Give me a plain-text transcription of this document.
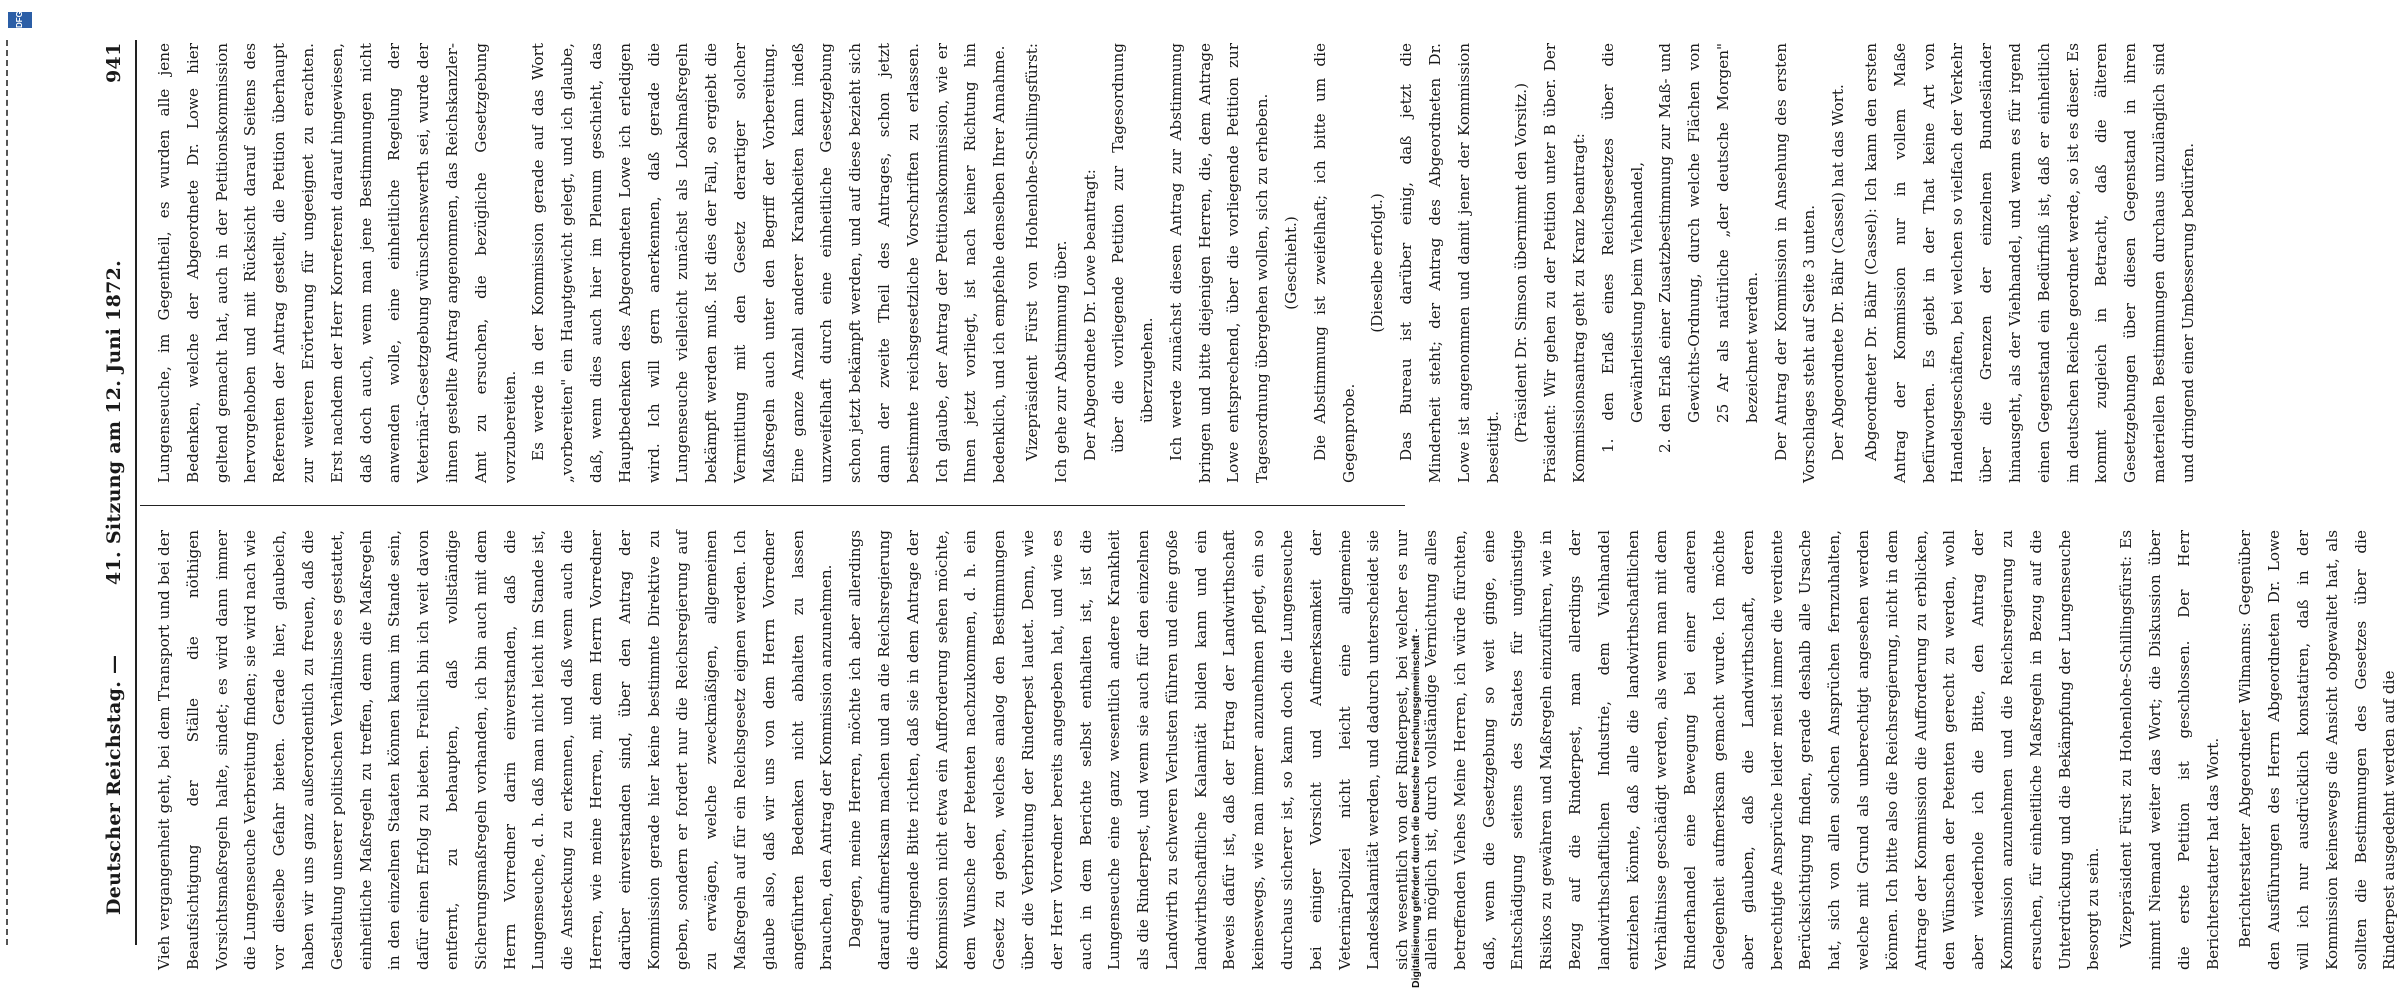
DFG
Deutscher Reichstag. —
41. Sitzung am 12. Juni 1872.
941

Vieh vergangenheit geht, bei dem Transport und bei der Beaufsichtigung der Ställe die nöthigen Vorsichtsmaßregeln halte, sindet; es wird dann immer die Lungenseuche Verbreitung finden; sie wird nach wie vor dieselbe Gefahr bieten. Gerade hier, glaubeich, haben wir uns ganz außerordentlich zu freuen, daß die Gestaltung unserer politischen Verhältnisse es gestattet, einheitliche Maßregeln zu treffen, denn die Maßregeln in den einzelnen Staaten können kaum im Stande sein, dafür einen Erfolg zu bieten. Freilich bin ich weit davon entfernt, zu behaupten, daß vollständige Sicherungsmaßregeln vorhanden, ich bin auch mit dem Herrn Vorredner darin einverstanden, daß die Lungenseuche, d. h. daß man nicht leicht im Stande ist, die Ansteckung zu erkennen, und daß wenn auch die Herren, wie meine Herren, mit dem Herrn Vorredner darüber einverstanden sind, über den Antrag der Kommission gerade hier keine bestimmte Direktive zu geben, sondern er fordert nur die Reichsregierung auf zu erwägen, welche zweckmäßigen, allgemeinen Maßregeln auf für ein Reichsgesetz eignen werden. Ich glaube also, daß wir uns von dem Herrn Vorredner angeführten Bedenken nicht abhalten zu lassen brauchen, den Antrag der Kommission anzunehmen. Dagegen, meine Herren, möchte ich aber allerdings darauf aufmerksam machen und an die Reichsregierung die dringende Bitte richten, daß sie in dem Antrage der Kommission nicht etwa ein Aufforderung sehen möchte, dem Wunsche der Petenten nachzukommen, d. h. ein Gesetz zu geben, welches analog den Bestimmungen über die Verbreitung der Rinderpest lautet. Denn, wie der Herr Vorredner bereits angegeben hat, und wie es auch in dem Berichte selbst enthalten ist, ist die Lungenseuche eine ganz wesentlich andere Krankheit als die Rinderpest, und wenn sie auch für den einzelnen Landwirth zu schweren Verlusten führen und eine große landwirthschaftliche Kalamität bilden kann und ein Beweis dafür ist, daß der Ertrag der Landwirthschaft keineswegs, wie man immer anzunehmen pflegt, ein so durchaus sicherer ist, so kann doch die Lungenseuche bei einiger Vorsicht und Aufmerksamkeit der Veterinärpolizei nicht leicht eine allgemeine Landeskalamität werden, und dadurch unterscheidet sie sich wesentlich von der Rinderpest, bei welcher es nur allein möglich ist, durch vollständige Vernichtung alles betreffenden Viehes Meine Herren, ich würde fürchten, daß, wenn die Gesetzgebung so weit ginge, eine Entschädigung seitens des Staates für ungünstige Risikos zu gewähren und Maßregeln einzuführen, wie in Bezug auf die Rinderpest, man allerdings der landwirthschaftlichen Industrie, dem Viehhandel entziehen könnte, daß alle die landwirthschaftlichen Verhältnisse geschädigt werden, als wenn man mit dem Rinderhandel eine Bewegung bei einer anderen Gelegenheit aufmerksam gemacht wurde. Ich möchte aber glauben, daß die Landwirthschaft, deren berechtigte Ansprüche leider meist immer die verdiente Berücksichtigung finden, gerade deshalb alle Ursache hat, sich von allen solchen Ansprüchen fernzuhalten, welche mit Grund als unberechtigt angesehen werden können. Ich bitte also die Reichsregierung, nicht in dem Antrage der Kommission die Aufforderung zu erblicken, den Wünschen der Petenten gerecht zu werden, wohl aber wiederhole ich die Bitte, den Antrag der Kommission anzunehmen und die Reichsregierung zu ersuchen, für einheitliche Maßregeln in Bezug auf die Unterdrückung und die Bekämpfung der Lungenseuche besorgt zu sein. Vizepräsident Fürst zu Hohenlohe-Schillingsfürst: Es nimmt Niemand weiter das Wort; die Diskussion über die erste Petition ist geschlossen. Der Herr Berichterstatter hat das Wort. Berichterstatter Abgeordneter Wilmanns: Gegenüber den Ausführungen des Herrn Abgeordneten Dr. Lowe will ich nur ausdrücklich konstatiren, daß in der Kommission keineswegs die Ansicht obgewaltet hat, als sollten die Bestimmungen des Gesetzes über die Rinderpest ausgedehnt werden auf die

Lungenseuche, im Gegentheil, es wurden alle jene Bedenken, welche der Abgeordnete Dr. Lowe hier geltend gemacht hat, auch in der Petitionskommission hervorgehoben und mit Rücksicht darauf Seitens des Referenten der Antrag gestellt, die Petition überhaupt zur weiteren Erörterung für ungeeignet zu erachten. Erst nachdem der Herr Korreferent darauf hingewiesen, daß doch auch, wenn man jene Bestimmungen nicht anwenden wolle, eine einheitliche Regelung der Veterinär-Gesetzgebung wünschenswerth sei, wurde der ihnen gestellte Antrag angenommen, das Reichskanzler-Amt zu ersuchen, die bezügliche Gesetzgebung vorzubereiten. Es werde in der Kommission gerade auf das Wort „vorbereiten" ein Hauptgewicht gelegt, und ich glaube, daß, wenn dies auch hier im Plenum geschieht, das Hauptbedenken des Abgeordneten Lowe ich erledigen wird. Ich will gern anerkennen, daß gerade die Lungenseuche vielleicht zunächst als Lokalmaßregeln bekämpft werden muß. Ist dies der Fall, so ergiebt die Vermittlung mit den Gesetz derartiger solcher Maßregeln auch unter den Begriff der Vorbereitung. Eine ganze Anzahl anderer Krankheiten kann indeß unzweifelhaft durch eine einheitliche Gesetzgebung schon jetzt bekämpft werden, und auf diese bezieht sich dann der zweite Theil des Antrages, schon jetzt bestimmte reichsgesetzliche Vorschriften zu erlassen. Ich glaube, der Antrag der Petitionskommission, wie er Ihnen jetzt vorliegt, ist nach keiner Richtung hin bedenklich, und ich empfehle denselben Ihrer Annahme. Vizepräsident Fürst von Hohenlohe-Schillingsfürst: Ich gehe zur Abstimmung über. Der Abgeordnete Dr. Lowe beantragt: über die vorliegende Petition zur Tagesordnung überzugehen. Ich werde zunächst diesen Antrag zur Abstimmung bringen und bitte diejenigen Herren, die, dem Antrage Lowe entsprechend, über die vorliegende Petition zur Tagesordnung übergehen wollen, sich zu erheben. (Geschieht.) Die Abstimmung ist zweifelhaft; ich bitte um die Gegenprobe.

(Dieselbe erfolgt.) Das Bureau ist darüber einig, daß jetzt die Minderheit steht; der Antrag des Abgeordneten Dr. Lowe ist angenommen und damit jener der Kommission beseitigt.

(Präsident Dr. Simson übernimmt den Vorsitz.) Präsident: Wir gehen zu der Petition unter B über. Der Kommissionsantrag geht zu Kranz beantragt: 1. den Erlaß eines Reichsgesetzes über die Gewährleistung beim Viehhandel, 2. den Erlaß einer Zusatzbestimmung zur Maß- und Gewichts-Ordnung, durch welche Flächen von 25 Ar als natürliche „der deutsche Morgen" bezeichnet werden. Der Antrag der Kommission in Ansehung des ersten Vorschlages steht auf Seite 3 unten. Der Abgeordnete Dr. Bähr (Cassel) hat das Wort. Abgeordneter Dr. Bähr (Cassel): Ich kann den ersten Antrag der Kommission nur in vollem Maße befürworten. Es giebt in der That keine Art von Handelsgeschäften, bei welchen so vielfach der Verkehr über die Grenzen der einzelnen Bundesländer hinausgeht, als der Viehhandel, und wenn es für irgend einen Gegenstand ein Bedürfniß ist, daß er einheitlich im deutschen Reiche geordnet werde, so ist es dieser. Es kommt zugleich in Betracht, daß die älteren Gesetzgebungen über diesen Gegenstand in ihren materiellen Bestimmungen durchaus unzulänglich sind und dringend einer Umbesserung bedürfen.

Digitalisierung gefördert durch die Deutsche Forschungsgemeinschaft -
